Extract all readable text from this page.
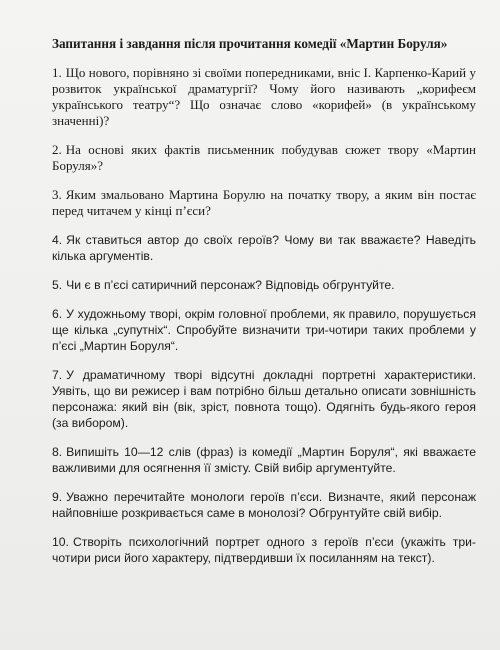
Запитання і завдання після прочитання комедії «Мартин Боруля»
1. Що нового, порівняно зі своїми попередниками, вніс І. Карпенко-Карий у розвиток української драматургії? Чому його називають „корифеєм українського театру“? Що означає слово «корифей» (в українському значенні)?
2. На основі яких фактів письменник побудував сюжет твору «Мартин Боруля»?
3. Яким змальовано Мартина Борулю на початку твору, а яким він постає перед читачем у кінці п’єси?
4. Як ставиться автор до своїх героїв? Чому ви так вважаєте? Наведіть кілька аргументів.
5. Чи є в п’єсі сатиричний персонаж? Відповідь обгрунтуйте.
6. У художньому творі, окрім головної проблеми, як правило, порушується ще кілька „супутніх“. Спробуйте визначити три-чотири таких проблеми у п’єсі „Мартин Боруля“.
7. У драматичному творі відсутні докладні портретні характеристики. Уявіть, що ви режисер і вам потрібно більш детально описати зовнішність персонажа: який він (вік, зріст, повнота тощо). Одягніть будь-якого героя (за вибором).
8. Випишіть 10—12 слів (фраз) із комедії „Мартин Боруля“, які вважаєте важливими для осягнення її змісту. Свій вибір аргументуйте.
9. Уважно перечитайте монологи героїв п’єси. Визначте, який персонаж найповніше розкривається саме в монолозі? Обгрунтуйте свій вибір.
10. Створіть психологічний портрет одного з героїв п’єси (укажіть три-чотири риси його характеру, підтвердивши їх посиланням на текст).
